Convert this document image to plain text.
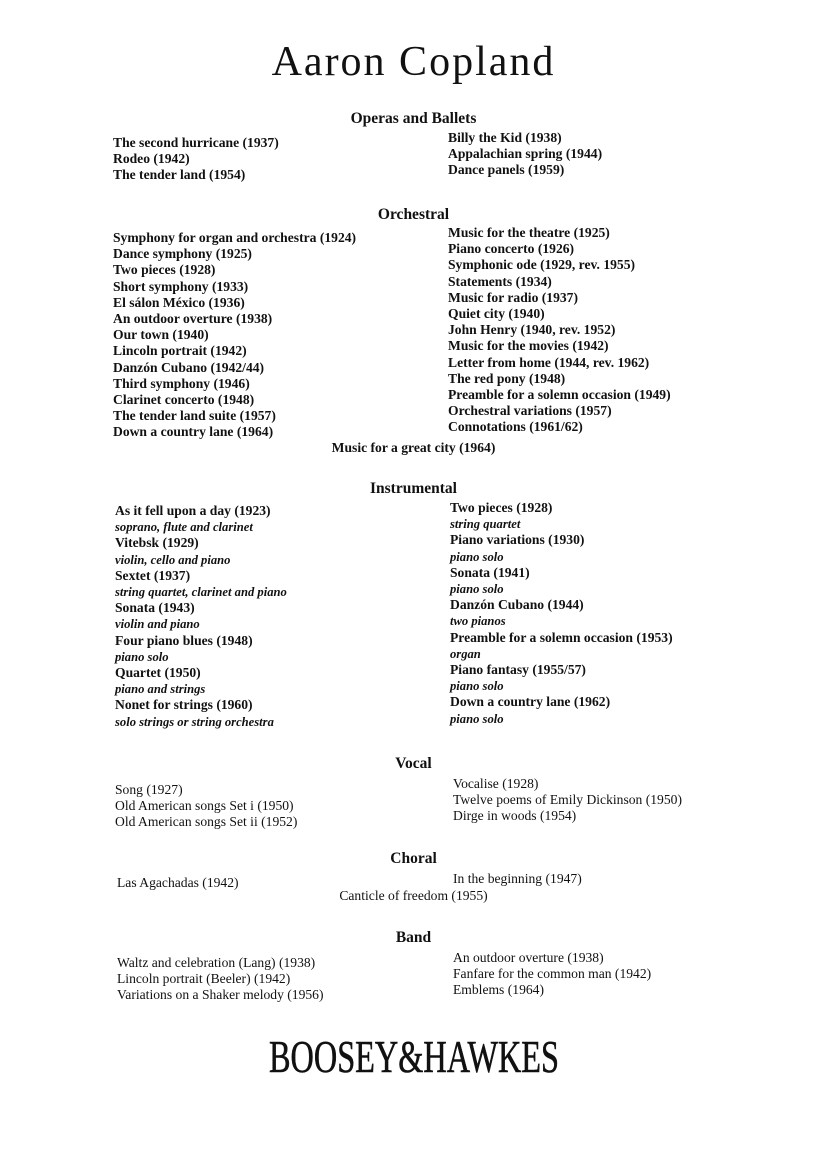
Aaron Copland
Operas and Ballets
The second hurricane (1937)
Rodeo (1942)
The tender land (1954)
Billy the Kid (1938)
Appalachian spring (1944)
Dance panels (1959)
Orchestral
Symphony for organ and orchestra (1924)
Dance symphony (1925)
Two pieces (1928)
Short symphony (1933)
El sálon México (1936)
An outdoor overture (1938)
Our town (1940)
Lincoln portrait (1942)
Danzón Cubano (1942/44)
Third symphony (1946)
Clarinet concerto (1948)
The tender land suite (1957)
Down a country lane (1964)
Music for the theatre (1925)
Piano concerto (1926)
Symphonic ode (1929, rev. 1955)
Statements (1934)
Music for radio (1937)
Quiet city (1940)
John Henry (1940, rev. 1952)
Music for the movies (1942)
Letter from home (1944, rev. 1962)
The red pony (1948)
Preamble for a solemn occasion (1949)
Orchestral variations (1957)
Connotations (1961/62)
Music for a great city (1964)
Instrumental
As it fell upon a day (1923)
soprano, flute and clarinet
Vitebsk (1929)
violin, cello and piano
Sextet (1937)
string quartet, clarinet and piano
Sonata (1943)
violin and piano
Four piano blues (1948)
piano solo
Quartet (1950)
piano and strings
Nonet for strings (1960)
solo strings or string orchestra
Two pieces (1928)
string quartet
Piano variations (1930)
piano solo
Sonata (1941)
piano solo
Danzón Cubano (1944)
two pianos
Preamble for a solemn occasion (1953)
organ
Piano fantasy (1955/57)
piano solo
Down a country lane (1962)
piano solo
Vocal
Song (1927)
Old American songs Set i (1950)
Old American songs Set ii (1952)
Vocalise (1928)
Twelve poems of Emily Dickinson (1950)
Dirge in woods (1954)
Choral
Las Agachadas (1942)	In the beginning (1947)
Canticle of freedom (1955)
Band
Waltz and celebration (Lang) (1938)
Lincoln portrait (Beeler) (1942)
Variations on a Shaker melody (1956)
An outdoor overture (1938)
Fanfare for the common man (1942)
Emblems (1964)
BOOSEY&HAWKES
